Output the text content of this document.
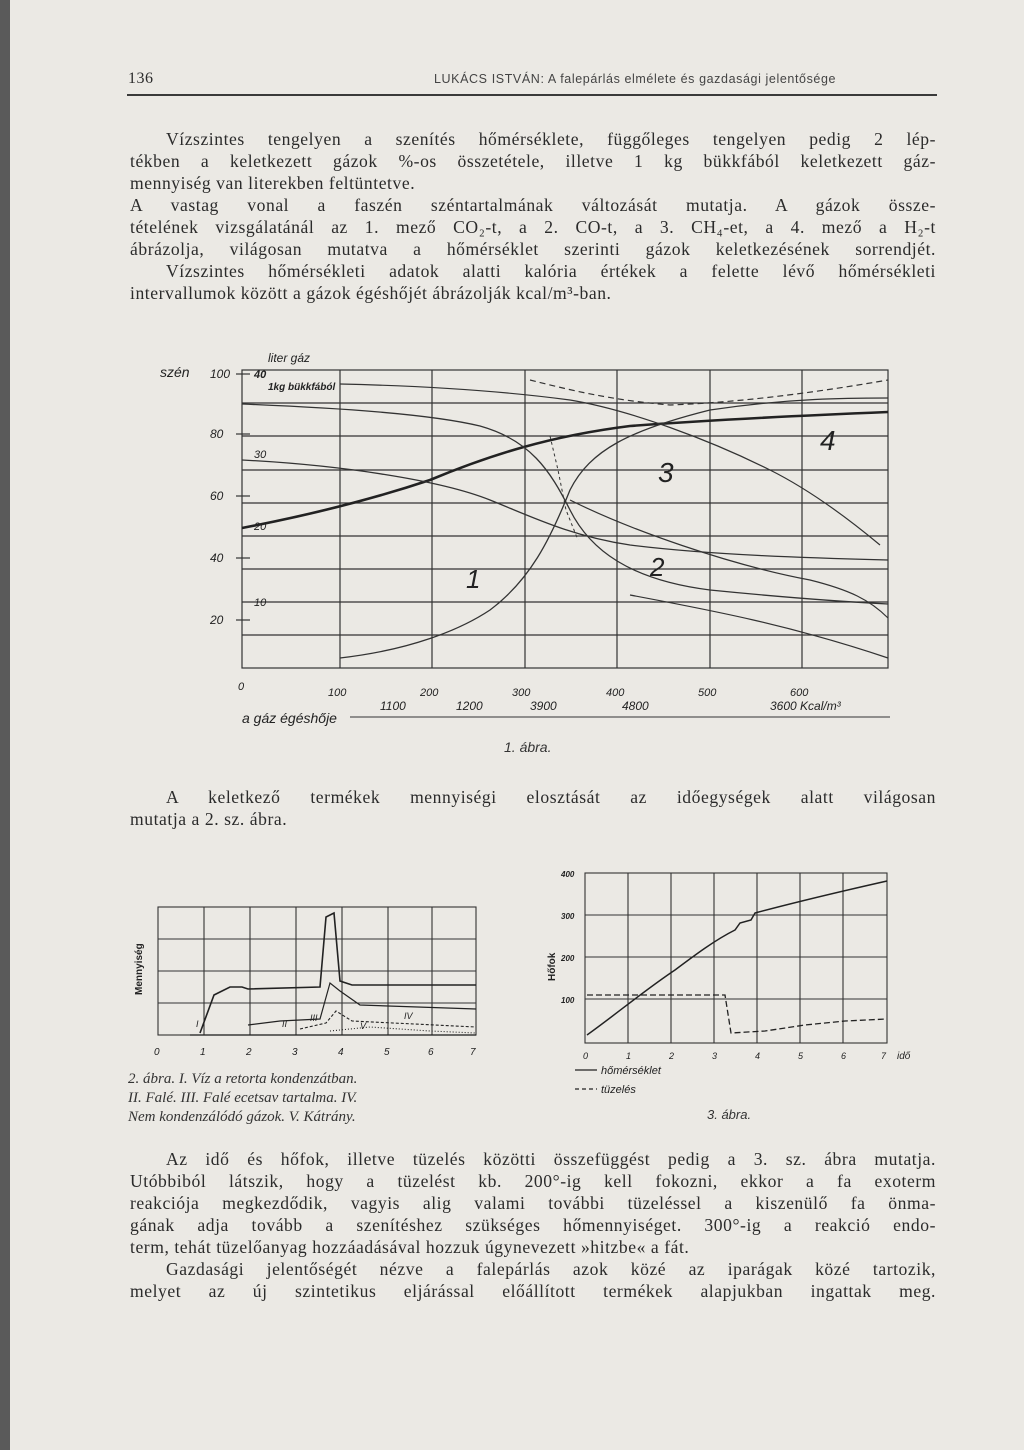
136	LUKÁCS ISTVÁN: A falepárlás elmélete és gazdasági jelentősége
Vízszintes tengelyen a szenítés hőmérséklete, függőleges tengelyen pedig 2 lép-
tékben a keletkezett gázok %-os összetétele, illetve 1 kg bükkfából keletkezett gáz-
mennyiség van literekben feltüntetve.
A vastag vonal a faszén széntartalmának változását mutatja. A gázok össze-
tételének vizsgálatánál az 1. mező CO₂-t, a 2. CO-t, a 3. CH₄-et, a 4. mező a H₂-t
ábrázolja, világosan mutatva a hőmérséklet szerinti gázok keletkezésének sorrendjét.
Vízszintes hőmérsékleti adatok alatti kalória értékek a felette lévő hőmérsékleti
intervallumok között a gázok égéshőjét ábrázolják kcal/m³-ban.
szén
liter gáz
1kg bükkfából
100
80
60
40
20
40
30
20
10
0	100	200	300	400	500	600
1100	1200	3900	4800	3600 Kcal/m³
a gáz égéshője
1	2
3
4
1. ábra.
A keletkező termékek mennyiségi elosztását az időegységek alatt világosan
mutatja a 2. sz. ábra.
Mennyiség
I	II
III	IV
V
0	1	2	3	4	5	6	7
2. ábra. I. Víz a retorta kondenzátban.
II. Falé. III. Falé ecetsav tartalma. IV.
Nem kondenzálódó gázok. V. Kátrány.
Hőfok
400
300
200
100
0	1	2	3	4	5	6	7 idő
hőmérséklet
tüzelés
3. ábra.
Az idő és hőfok, illetve tüzelés közötti összefüggést pedig a 3. sz. ábra mutatja.
Utóbbiból látszik, hogy a tüzelést kb. 200°-ig kell fokozni, ekkor a fa exoterm
reakciója megkezdődik, vagyis alig valami további tüzeléssel a kiszenülő fa önma-
gának adja tovább a szenítéshez szükséges hőmennyiséget. 300°-ig a reakció endo-
term, tehát tüzelőanyag hozzáadásával hozzuk úgynevezett »hitzbe« a fát.
Gazdasági jelentőségét nézve a falepárlás azok közé az iparágak közé tartozik,
melyet az új szintetikus eljárással előállított termékek alapjukban ingattak meg.
